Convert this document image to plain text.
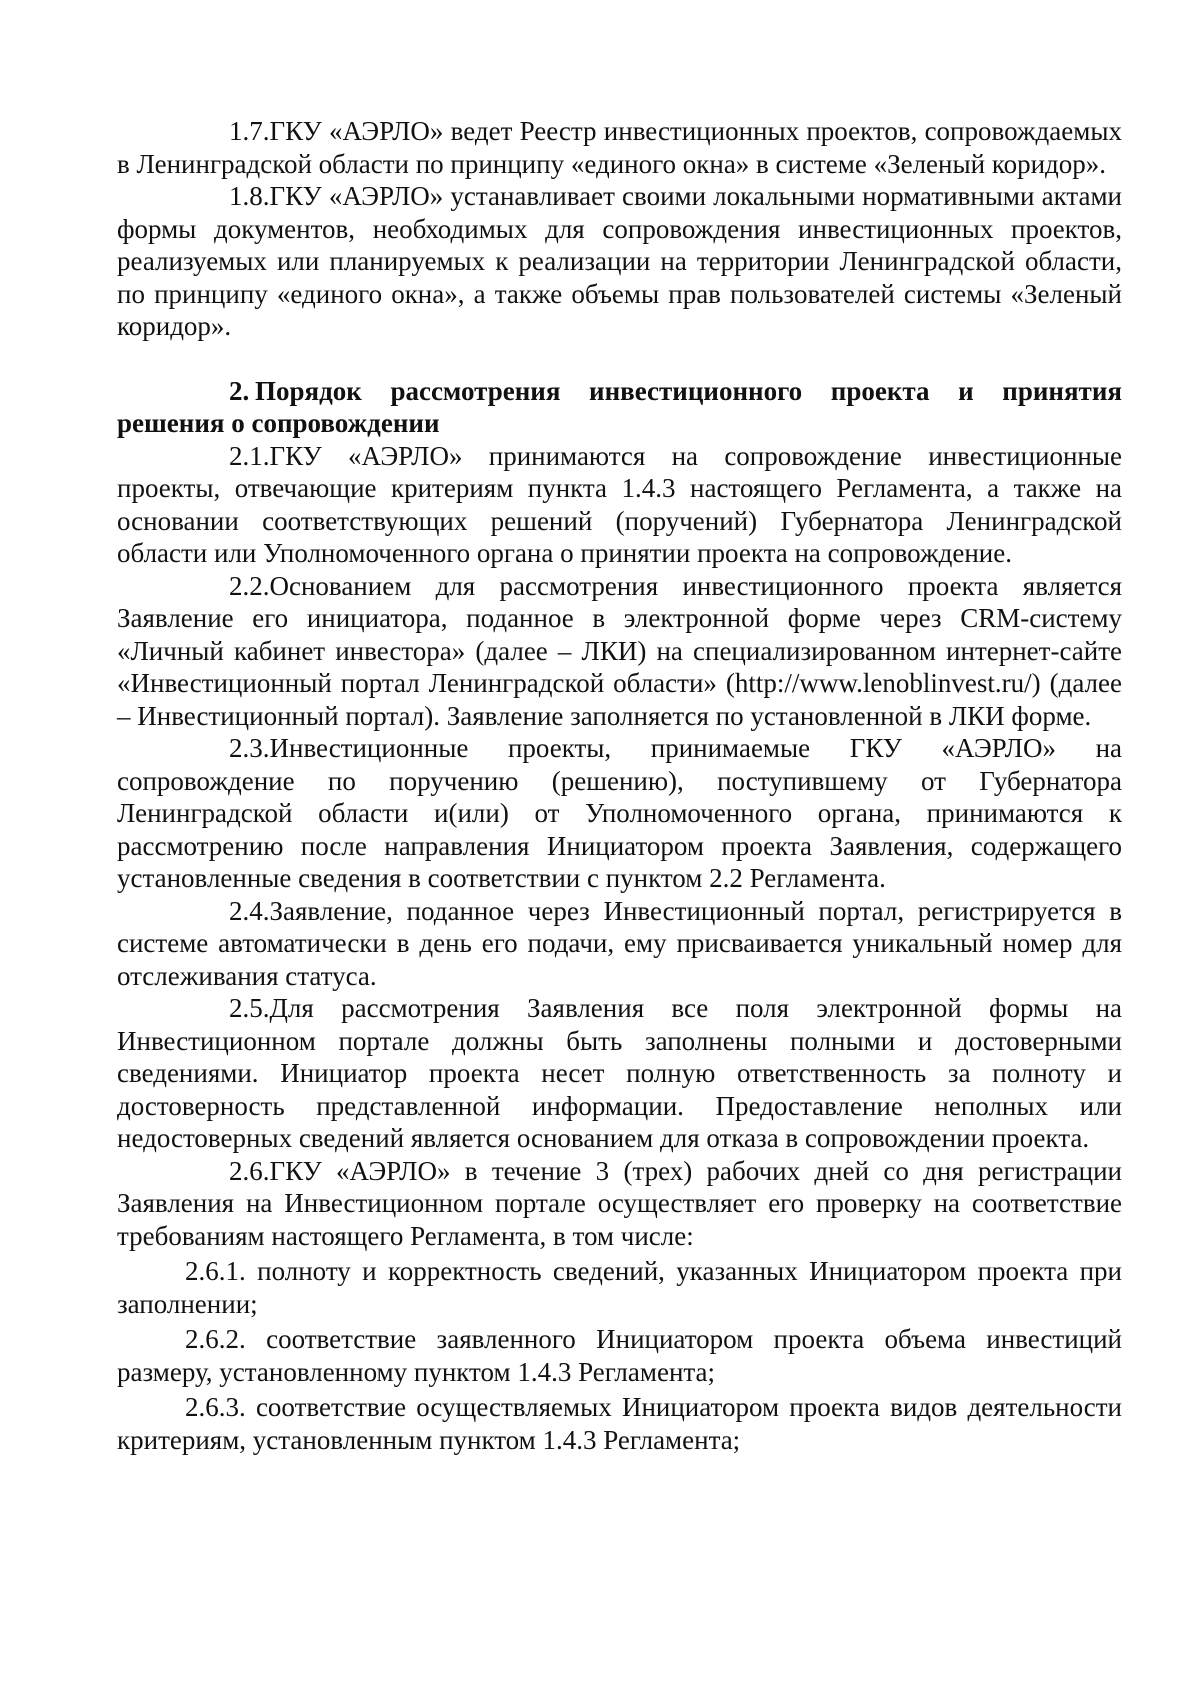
1.7.ГКУ «АЭРЛО» ведет Реестр инвестиционных проектов, сопровождаемых в Ленинградской области по принципу «единого окна» в системе «Зеленый коридор».

1.8.ГКУ «АЭРЛО» устанавливает своими локальными нормативными актами формы документов, необходимых для сопровождения инвестиционных проектов, реализуемых или планируемых к реализации на территории Ленинградской области, по принципу «единого окна», а также объемы прав пользователей системы «Зеленый коридор».

2. Порядок рассмотрения инвестиционного проекта и принятия решения о сопровождении

2.1.ГКУ «АЭРЛО» принимаются на сопровождение инвестиционные проекты, отвечающие критериям пункта 1.4.3 настоящего Регламента, а также на основании соответствующих решений (поручений) Губернатора Ленинградской области или Уполномоченного органа о принятии проекта на сопровождение.

2.2.Основанием для рассмотрения инвестиционного проекта является Заявление его инициатора, поданное в электронной форме через CRM-систему «Личный кабинет инвестора» (далее – ЛКИ) на специализированном интернет-сайте «Инвестиционный портал Ленинградской области» (http://www.lenoblinvest.ru/) (далее – Инвестиционный портал). Заявление заполняется по установленной в ЛКИ форме.

2.3.Инвестиционные проекты, принимаемые ГКУ «АЭРЛО» на сопровождение по поручению (решению), поступившему от Губернатора Ленинградской области и(или) от Уполномоченного органа, принимаются к рассмотрению после направления Инициатором проекта Заявления, содержащего установленные сведения в соответствии с пунктом 2.2 Регламента.

2.4.Заявление, поданное через Инвестиционный портал, регистрируется в системе автоматически в день его подачи, ему присваивается уникальный номер для отслеживания статуса.

2.5.Для рассмотрения Заявления все поля электронной формы на Инвестиционном портале должны быть заполнены полными и достоверными сведениями. Инициатор проекта несет полную ответственность за полноту и достоверность представленной информации. Предоставление неполных или недостоверных сведений является основанием для отказа в сопровождении проекта.

2.6.ГКУ «АЭРЛО» в течение 3 (трех) рабочих дней со дня регистрации Заявления на Инвестиционном портале осуществляет его проверку на соответствие требованиям настоящего Регламента, в том числе:

2.6.1. полноту и корректность сведений, указанных Инициатором проекта при заполнении;

2.6.2. соответствие заявленного Инициатором проекта объема инвестиций размеру, установленному пунктом 1.4.3 Регламента;

2.6.3. соответствие осуществляемых Инициатором проекта видов деятельности критериям, установленным пунктом 1.4.3 Регламента;
